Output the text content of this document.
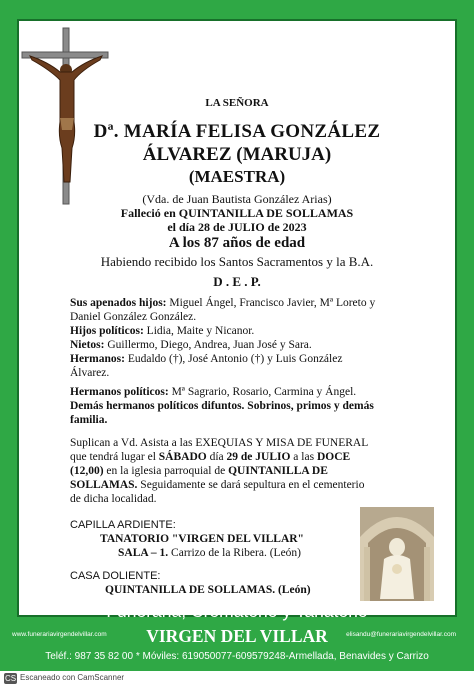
LA SEÑORA
Dª. MARÍA FELISA GONZÁLEZ
ÁLVAREZ (MARUJA)
(MAESTRA)
(Vda. de Juan Bautista González Arias)
Falleció en QUINTANILLA DE SOLLAMAS
el día 28 de JULIO de 2023
A los 87 años de edad
Habiendo recibido los Santos Sacramentos y la B.A.
D . E . P.
Sus apenados hijos: Miguel Ángel, Francisco Javier, Mª Loreto y
Daniel González González.
Hijos políticos: Lidia, Maite y Nicanor.
Nietos: Guillermo, Diego, Andrea, Juan José y Sara.
Hermanos: Eudaldo (†), José Antonio (†) y Luis González
Álvarez.
Hermanos políticos: Mª Sagrario, Rosario, Carmina y Ángel.
Demás hermanos políticos difuntos. Sobrinos, primos y demás
familia.
Suplican a Vd. Asista a las EXEQUIAS Y MISA DE FUNERAL
que tendrá lugar el SÁBADO día 29 de JULIO a las DOCE
(12,00) en la iglesia parroquial de QUINTANILLA DE
SOLLAMAS. Seguidamente se dará sepultura en el cementerio
de dicha localidad.
CAPILLA ARDIENTE:
TANATORIO "VIRGEN DEL VILLAR"
SALA – 1. Carrizo de la Ribera. (León)
CASA DOLIENTE:
QUINTANILLA DE SOLLAMAS. (León)
Funeraria, Crematorio y Tanatorio
www.funerariavirgendelvillar.com	VIRGEN DEL VILLAR	elisandu@funerariavirgendelvillar.com
Teléf.: 987 35 82 00 * Móviles: 619050077-609579248-Armellada, Benavides y Carrizo
CS Escaneado con CamScanner
